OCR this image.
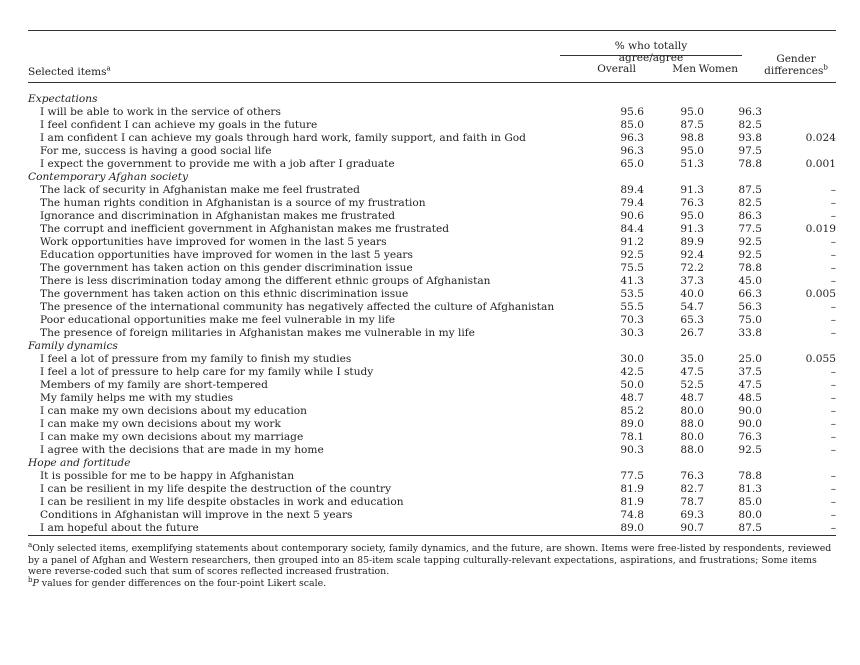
% who totally agree/agree
Selected items$^a$	Overall	Men Women
Gender
differences$^b$
Expectations				
I will be able to work in the service of others	95.6	95.0	96.3	
I feel confident I can achieve my goals in the future	85.0	87.5	82.5	
I am confident I can achieve my goals through hard work, family support, and faith in God	96.3	98.8	93.8	0.024
For me, success is having a good social life	96.3	95.0	97.5	
I expect the government to provide me with a job after I graduate	65.0	51.3	78.8	0.001
Contemporary Afghan society				
The lack of security in Afghanistan make me feel frustrated	89.4	91.3	87.5	–
The human rights condition in Afghanistan is a source of my frustration	79.4	76.3	82.5	–
Ignorance and discrimination in Afghanistan makes me frustrated	90.6	95.0	86.3	–
The corrupt and inefficient government in Afghanistan makes me frustrated	84.4	91.3	77.5	0.019
Work opportunities have improved for women in the last 5 years	91.2	89.9	92.5	–
Education opportunities have improved for women in the last 5 years	92.5	92.4	92.5	–
The government has taken action on this gender discrimination issue	75.5	72.2	78.8	–
There is less discrimination today among the different ethnic groups of Afghanistan	41.3	37.3	45.0	–
The government has taken action on this ethnic discrimination issue	53.5	40.0	66.3	0.005
The presence of the international community has negatively affected the culture of Afghanistan	55.5	54.7	56.3	–
Poor educational opportunities make me feel vulnerable in my life	70.3	65.3	75.0	–
The presence of foreign militaries in Afghanistan makes me vulnerable in my life	30.3	26.7	33.8	–
Family dynamics				
I feel a lot of pressure from my family to finish my studies	30.0	35.0	25.0	0.055
I feel a lot of pressure to help care for my family while I study	42.5	47.5	37.5	–
Members of my family are short-tempered	50.0	52.5	47.5	–
My family helps me with my studies	48.7	48.7	48.5	–
I can make my own decisions about my education	85.2	80.0	90.0	–
I can make my own decisions about my work	89.0	88.0	90.0	–
I can make my own decisions about my marriage	78.1	80.0	76.3	–
I agree with the decisions that are made in my home	90.3	88.0	92.5	–
Hope and fortitude				
It is possible for me to be happy in Afghanistan	77.5	76.3	78.8	–
I can be resilient in my life despite the destruction of the country	81.9	82.7	81.3	–
I can be resilient in my life despite obstacles in work and education	81.9	78.7	85.0	–
Conditions in Afghanistan will improve in the next 5 years	74.8	69.3	80.0	–
I am hopeful about the future	89.0	90.7	87.5	–
$^a$Only selected items, exemplifying statements about contemporary society, family dynamics, and the future, are shown. Items were free-listed by respondents, reviewed by a panel of Afghan and Western researchers, then grouped into an 85-item scale tapping culturally-relevant expectations, aspirations, and frustrations; Some items were reverse-coded such that sum of scores reflected increased frustration.
$^b$P values for gender differences on the four-point Likert scale.
